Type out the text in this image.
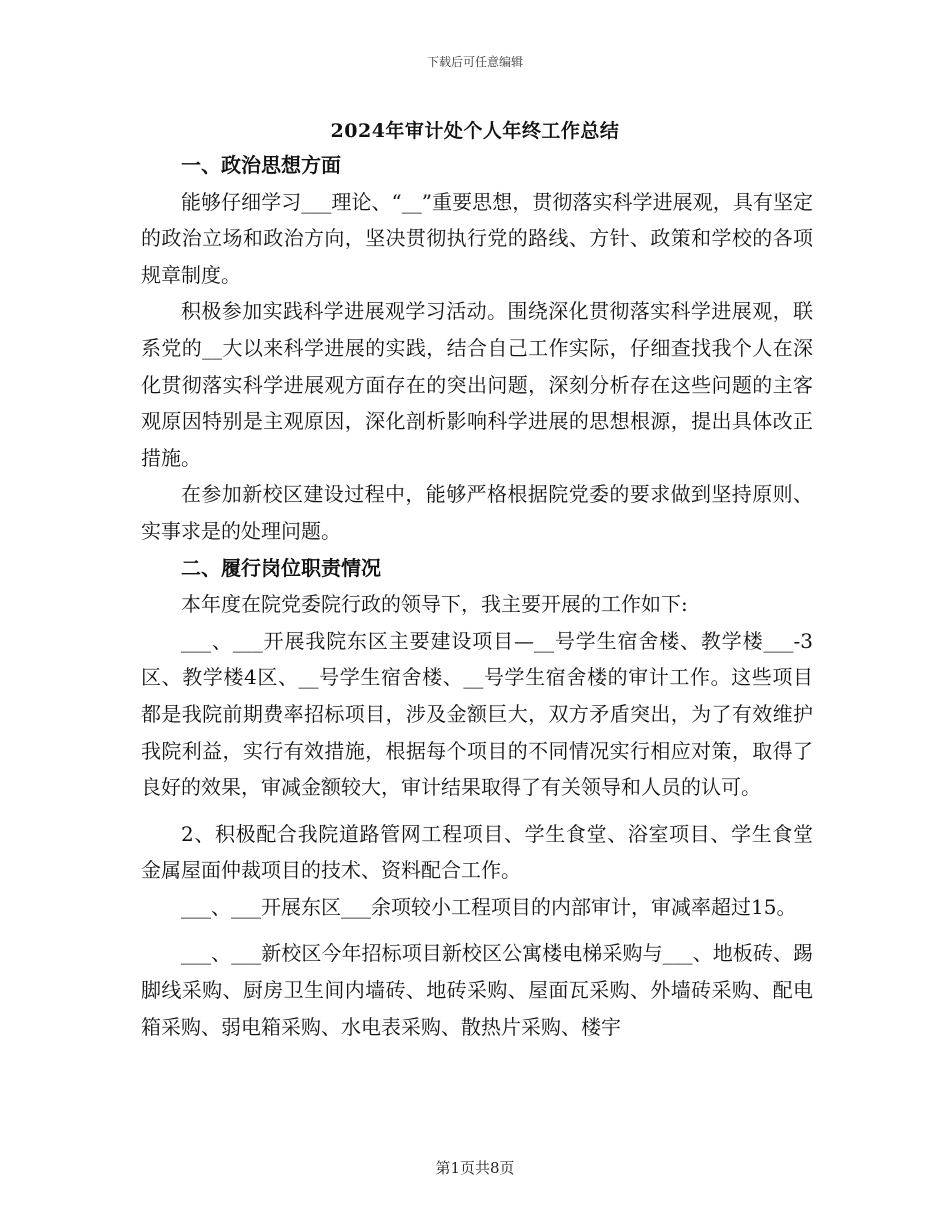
下载后可任意编辑
2024年审计处个人年终工作总结
一、政治思想方面

能够仔细学习___理论、“__”重要思想，贯彻落实科学进展观，具有坚定的政治立场和政治方向，坚决贯彻执行党的路线、方针、政策和学校的各项规章制度。

积极参加实践科学进展观学习活动。围绕深化贯彻落实科学进展观，联系党的__大以来科学进展的实践，结合自己工作实际，仔细查找我个人在深化贯彻落实科学进展观方面存在的突出问题，深刻分析存在这些问题的主客观原因特别是主观原因，深化剖析影响科学进展的思想根源，提出具体改正措施。

在参加新校区建设过程中，能够严格根据院党委的要求做到坚持原则、实事求是的处理问题。

二、履行岗位职责情况

本年度在院党委院行政的领导下，我主要开展的工作如下:

___、___开展我院东区主要建设项目—__号学生宿舍楼、教学楼___-3区、教学楼4区、__号学生宿舍楼、__号学生宿舍楼的审计工作。这些项目都是我院前期费率招标项目，涉及金额巨大，双方矛盾突出，为了有效维护我院利益，实行有效措施，根据每个项目的不同情况实行相应对策，取得了良好的效果，审减金额较大，审计结果取得了有关领导和人员的认可。

2、积极配合我院道路管网工程项目、学生食堂、浴室项目、学生食堂金属屋面仲裁项目的技术、资料配合工作。

___、___开展东区___余项较小工程项目的内部审计，审减率超过15。

___、___新校区今年招标项目新校区公寓楼电梯采购与___、地板砖、踢脚线采购、厨房卫生间内墙砖、地砖采购、屋面瓦采购、外墙砖采购、配电箱采购、弱电箱采购、水电表采购、散热片采购、楼宇

第1页共8页
